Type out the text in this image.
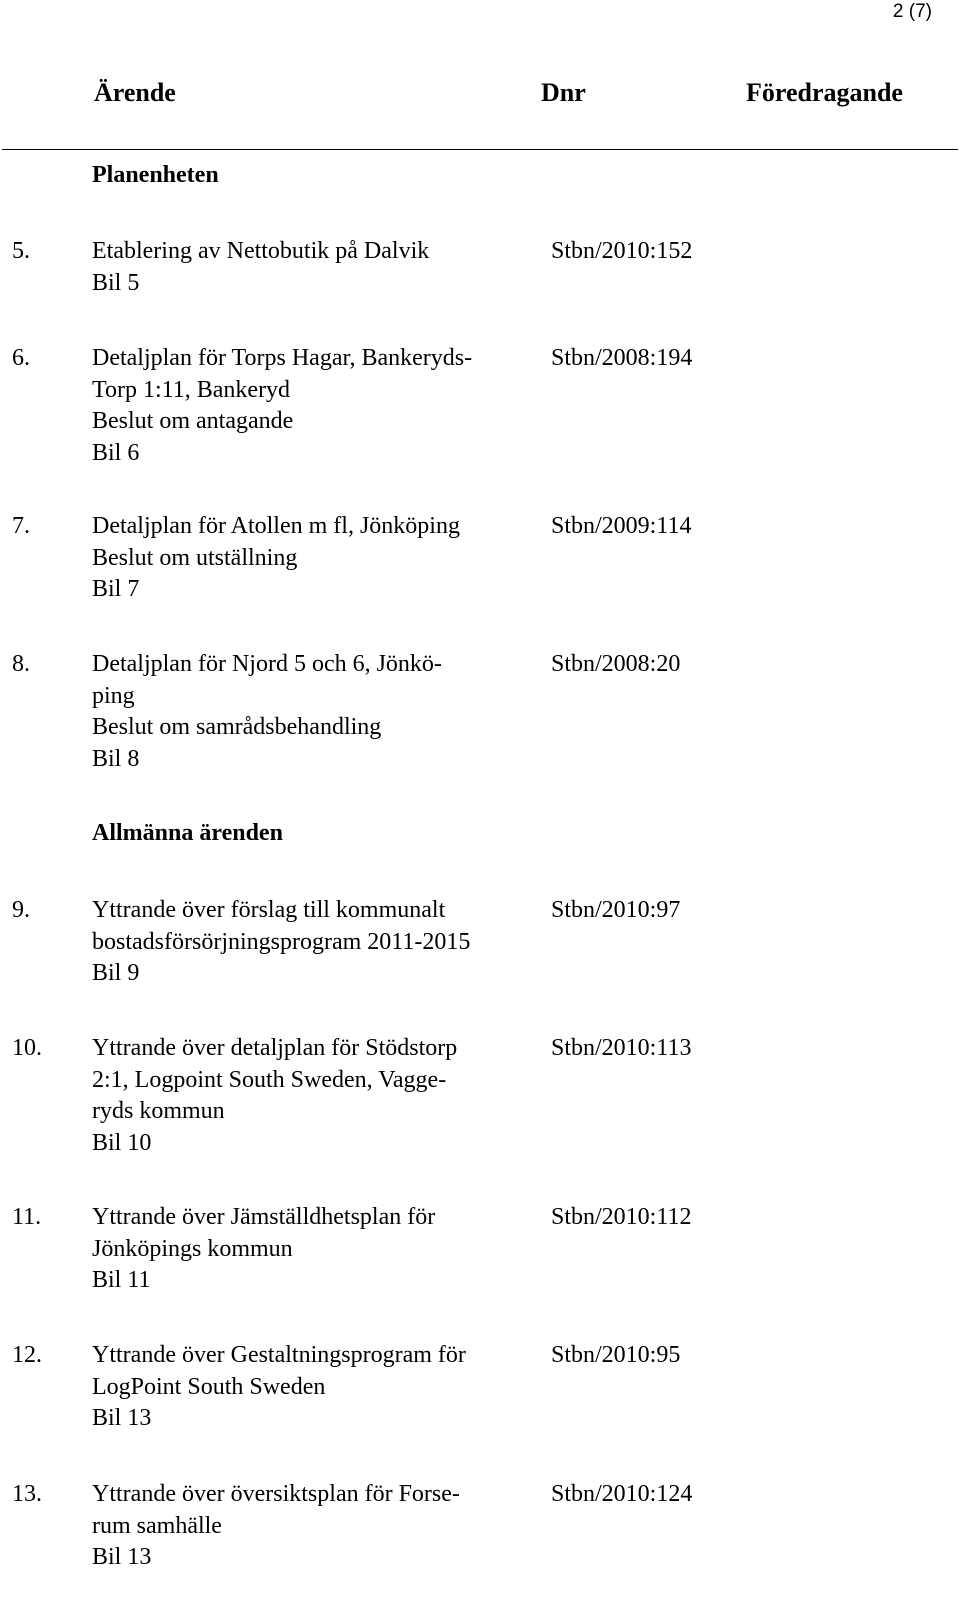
2 (7)
Ärende	Dnr	Föredragande
Planenheten
5.	Etablering av Nettobutik på Dalvik
Bil 5
Stbn/2010:152
6.	Detaljplan för Torps Hagar, Bankeryds-
Torp 1:11, Bankeryd
Beslut om antagande
Bil 6
Stbn/2008:194
7.	Detaljplan för Atollen m fl, Jönköping
Beslut om utställning
Bil 7
Stbn/2009:114
8.	Detaljplan för Njord 5 och 6, Jönkö-
ping
Beslut om samrådsbehandling
Bil 8
Stbn/2008:20
Allmänna ärenden
9.	Yttrande över förslag till kommunalt
bostadsförsörjningsprogram 2011-2015
Bil 9
Stbn/2010:97
10. Yttrande över detaljplan för Stödstorp
2:1, Logpoint South Sweden, Vagge-
ryds kommun
Bil 10
Stbn/2010:113
11. Yttrande över Jämställdhetsplan för
Jönköpings kommun
Bil 11
Stbn/2010:112
12. Yttrande över Gestaltningsprogram för
LogPoint South Sweden
Bil 13
Stbn/2010:95
13. Yttrande över översiktsplan för Forse-
rum samhälle
Bil 13
Stbn/2010:124
